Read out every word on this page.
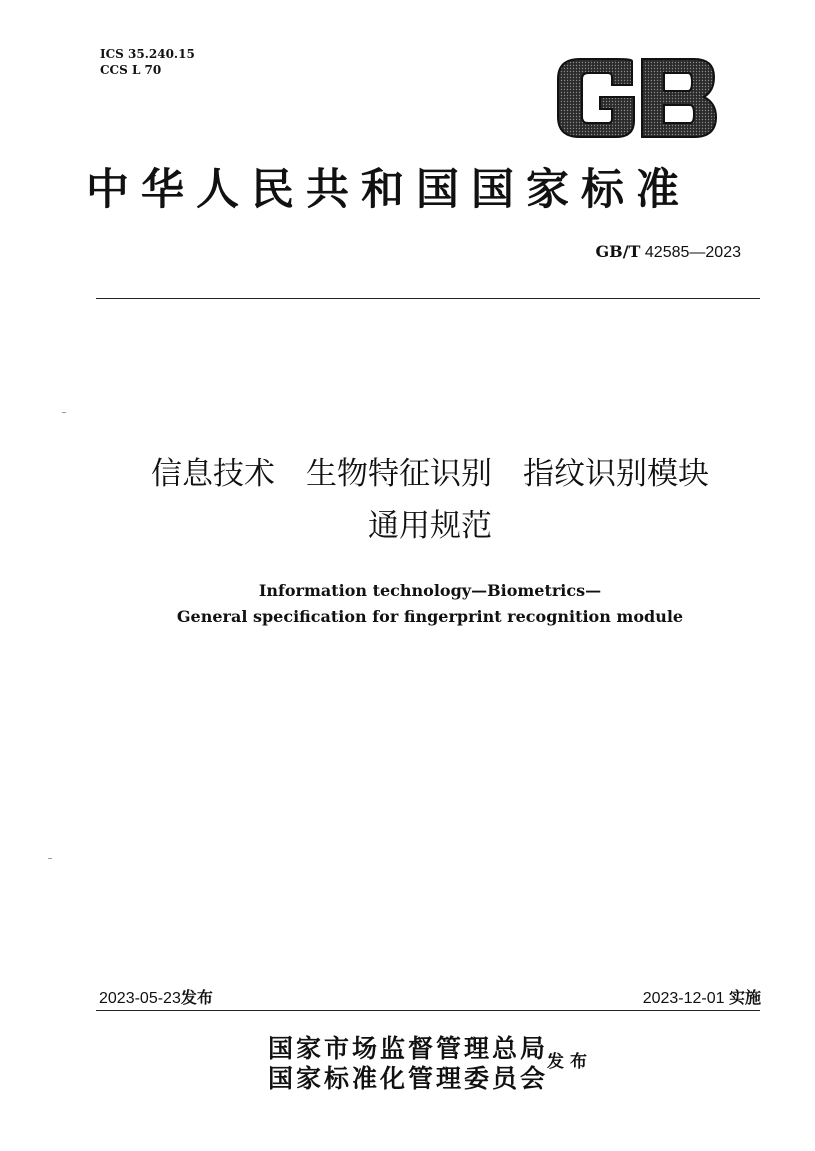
ICS 35.240.15
CCS L 70
中华人民共和国国家标准
GB/T 42585—2023
信息技术　生物特征识别　指纹识别模块
通用规范
Information technology—Biometrics—
General specification for fingerprint recognition module
2023-05-23发布	2023-12-01 实施
国家市场监督管理总局
国家标准化管理委员会
发布
